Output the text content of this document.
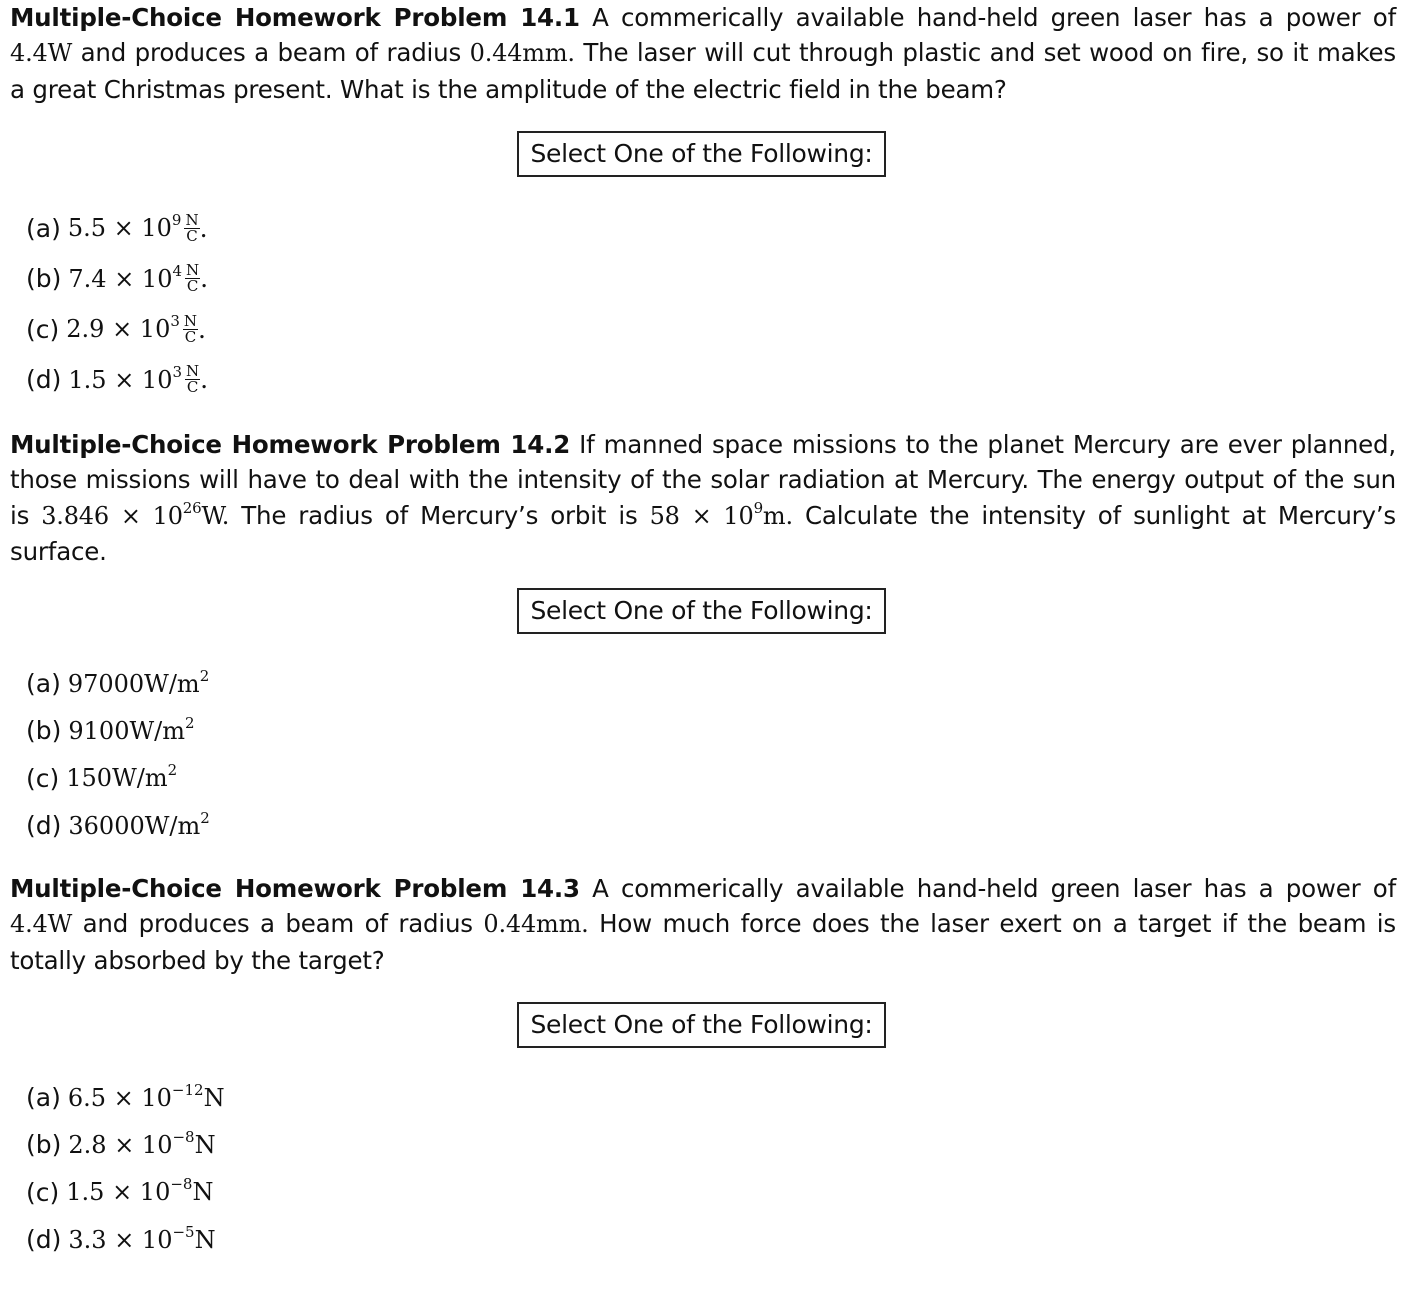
Multiple-Choice Homework Problem 14.1 A commerically available hand-held green laser has a power of 4.4W and produces a beam of radius 0.44mm. The laser will cut through plastic and set wood on fire, so it makes a great Christmas present. What is the amplitude of the electric field in the beam?

Select One of the Following:
(a) $5.5 \times 10^9 \frac{N}{C}$ .
(b) $7.4 \times 10^4 \frac{N}{C}$ .
(c) $2.9 \times 10^3 \frac{N}{C}$ .
(d) $1.5 \times 10^3 \frac{N}{C}$ .

Multiple-Choice Homework Problem 14.2 If manned space missions to the planet Mercury are ever planned, those missions will have to deal with the intensity of the solar radiation at Mercury. The energy output of the sun is $3.846 \times 10^{26}W$. The radius of Mercury’s orbit is $58 \times 10^9m$. Calculate the intensity of sunlight at Mercury’s surface.

Select One of the Following:
(a) $97000W/m^2$
(b) $9100W/m^2$
(c) $150W/m^2$
(d) $36000W/m^2$

Multiple-Choice Homework Problem 14.3 A commerically available hand-held green laser has a power of 4.4W and produces a beam of radius 0.44mm. How much force does the laser exert on a target if the beam is totally absorbed by the target?

Select One of the Following:
(a) $6.5 \times 10^{-12}N$
(b) $2.8 \times 10^{-8}N$
(c) $1.5 \times 10^{-8}N$
(d) $3.3 \times 10^{-5}N$
